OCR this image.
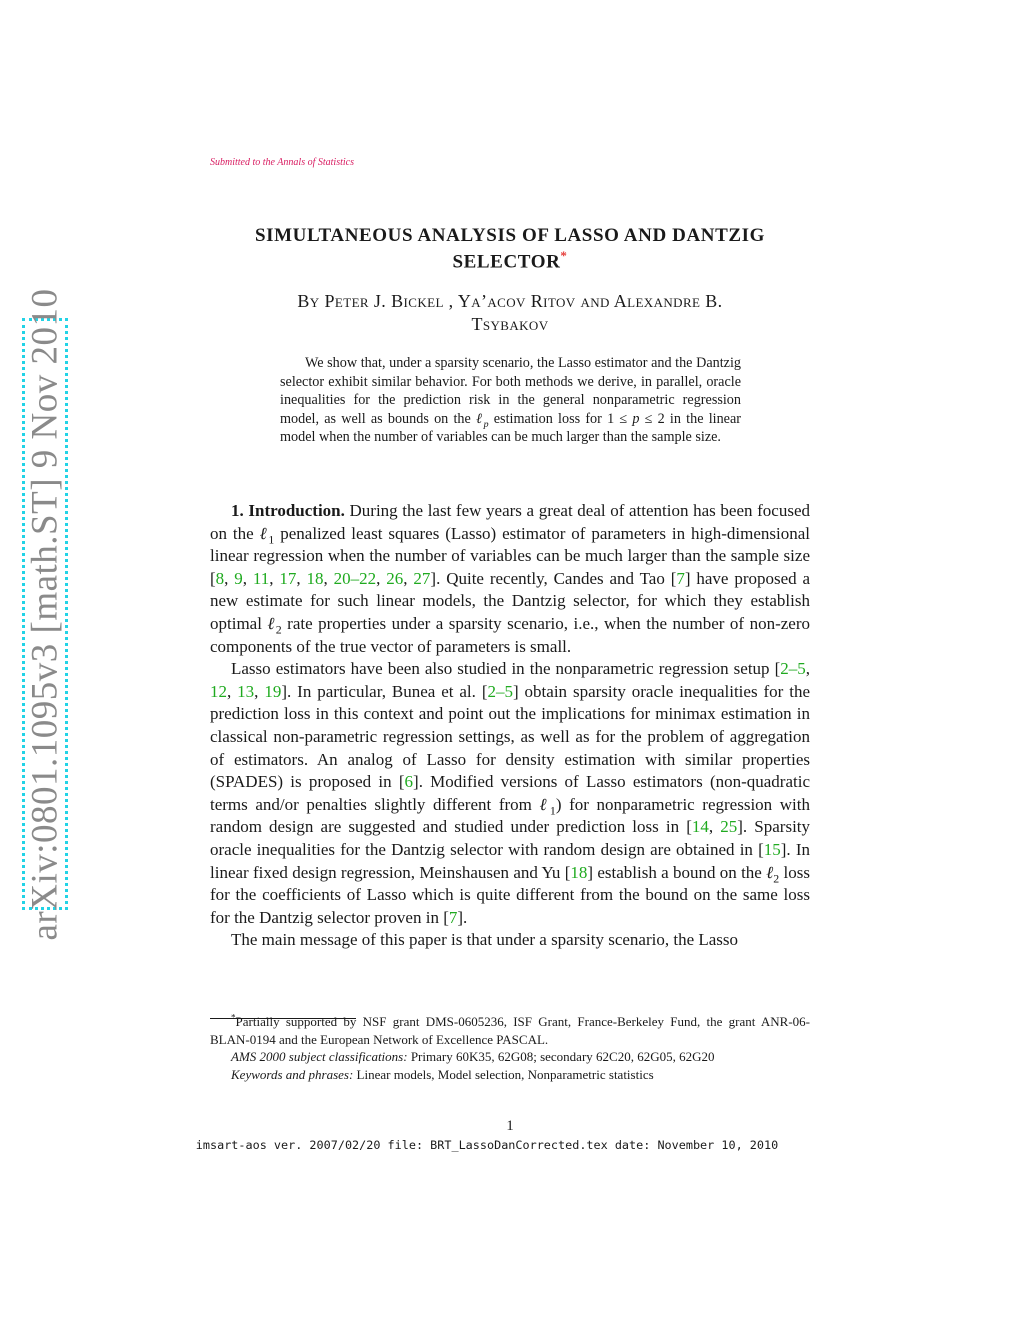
arXiv:0801.1095v3 [math.ST] 9 Nov 2010
Submitted to the Annals of Statistics
SIMULTANEOUS ANALYSIS OF LASSO AND DANTZIG
SELECTOR*
By Peter J. Bickel , Ya’acov Ritov and Alexandre B.
Tsybakov
We show that, under a sparsity scenario, the Lasso estimator and the Dantzig selector exhibit similar behavior. For both methods we derive, in parallel, oracle inequalities for the prediction risk in the general nonparametric regression model, as well as bounds on the ℓ$_p$ estimation loss for 1 ≤ p ≤ 2 in the linear model when the number of variables can be much larger than the sample size.

1. Introduction. During the last few years a great deal of attention has been focused on the ℓ$_1$ penalized least squares (Lasso) estimator of parameters in high-dimensional linear regression when the number of variables can be much larger than the sample size [8, 9, 11, 17, 18, 20–22, 26, 27]. Quite recently, Candes and Tao [7] have proposed a new estimate for such linear models, the Dantzig selector, for which they establish optimal ℓ$_2$ rate properties under a sparsity scenario, i.e., when the number of non-zero components of the true vector of parameters is small.

Lasso estimators have been also studied in the nonparametric regression setup [2–5, 12, 13, 19]. In particular, Bunea et al. [2–5] obtain sparsity oracle inequalities for the prediction loss in this context and point out the implications for minimax estimation in classical non-parametric regression settings, as well as for the problem of aggregation of estimators. An analog of Lasso for density estimation with similar properties (SPADES) is proposed in [6]. Modified versions of Lasso estimators (non-quadratic terms and/or penalties slightly different from ℓ$_1$) for nonparametric regression with random design are suggested and studied under prediction loss in [14, 25]. Sparsity oracle inequalities for the Dantzig selector with random design are obtained in [15]. In linear fixed design regression, Meinshausen and Yu [18] establish a bound on the ℓ$_2$ loss for the coefficients of Lasso which is quite different from the bound on the same loss for the Dantzig selector proven in [7].

The main message of this paper is that under a sparsity scenario, the Lasso

*Partially supported by NSF grant DMS-0605236, ISF Grant, France-Berkeley Fund, the grant ANR-06-BLAN-0194 and the European Network of Excellence PASCAL.

AMS 2000 subject classifications: Primary 60K35, 62G08; secondary 62C20, 62G05, 62G20

Keywords and phrases: Linear models, Model selection, Nonparametric statistics

1
imsart-aos ver. 2007/02/20 file: BRT_LassoDanCorrected.tex date: November 10, 2010
